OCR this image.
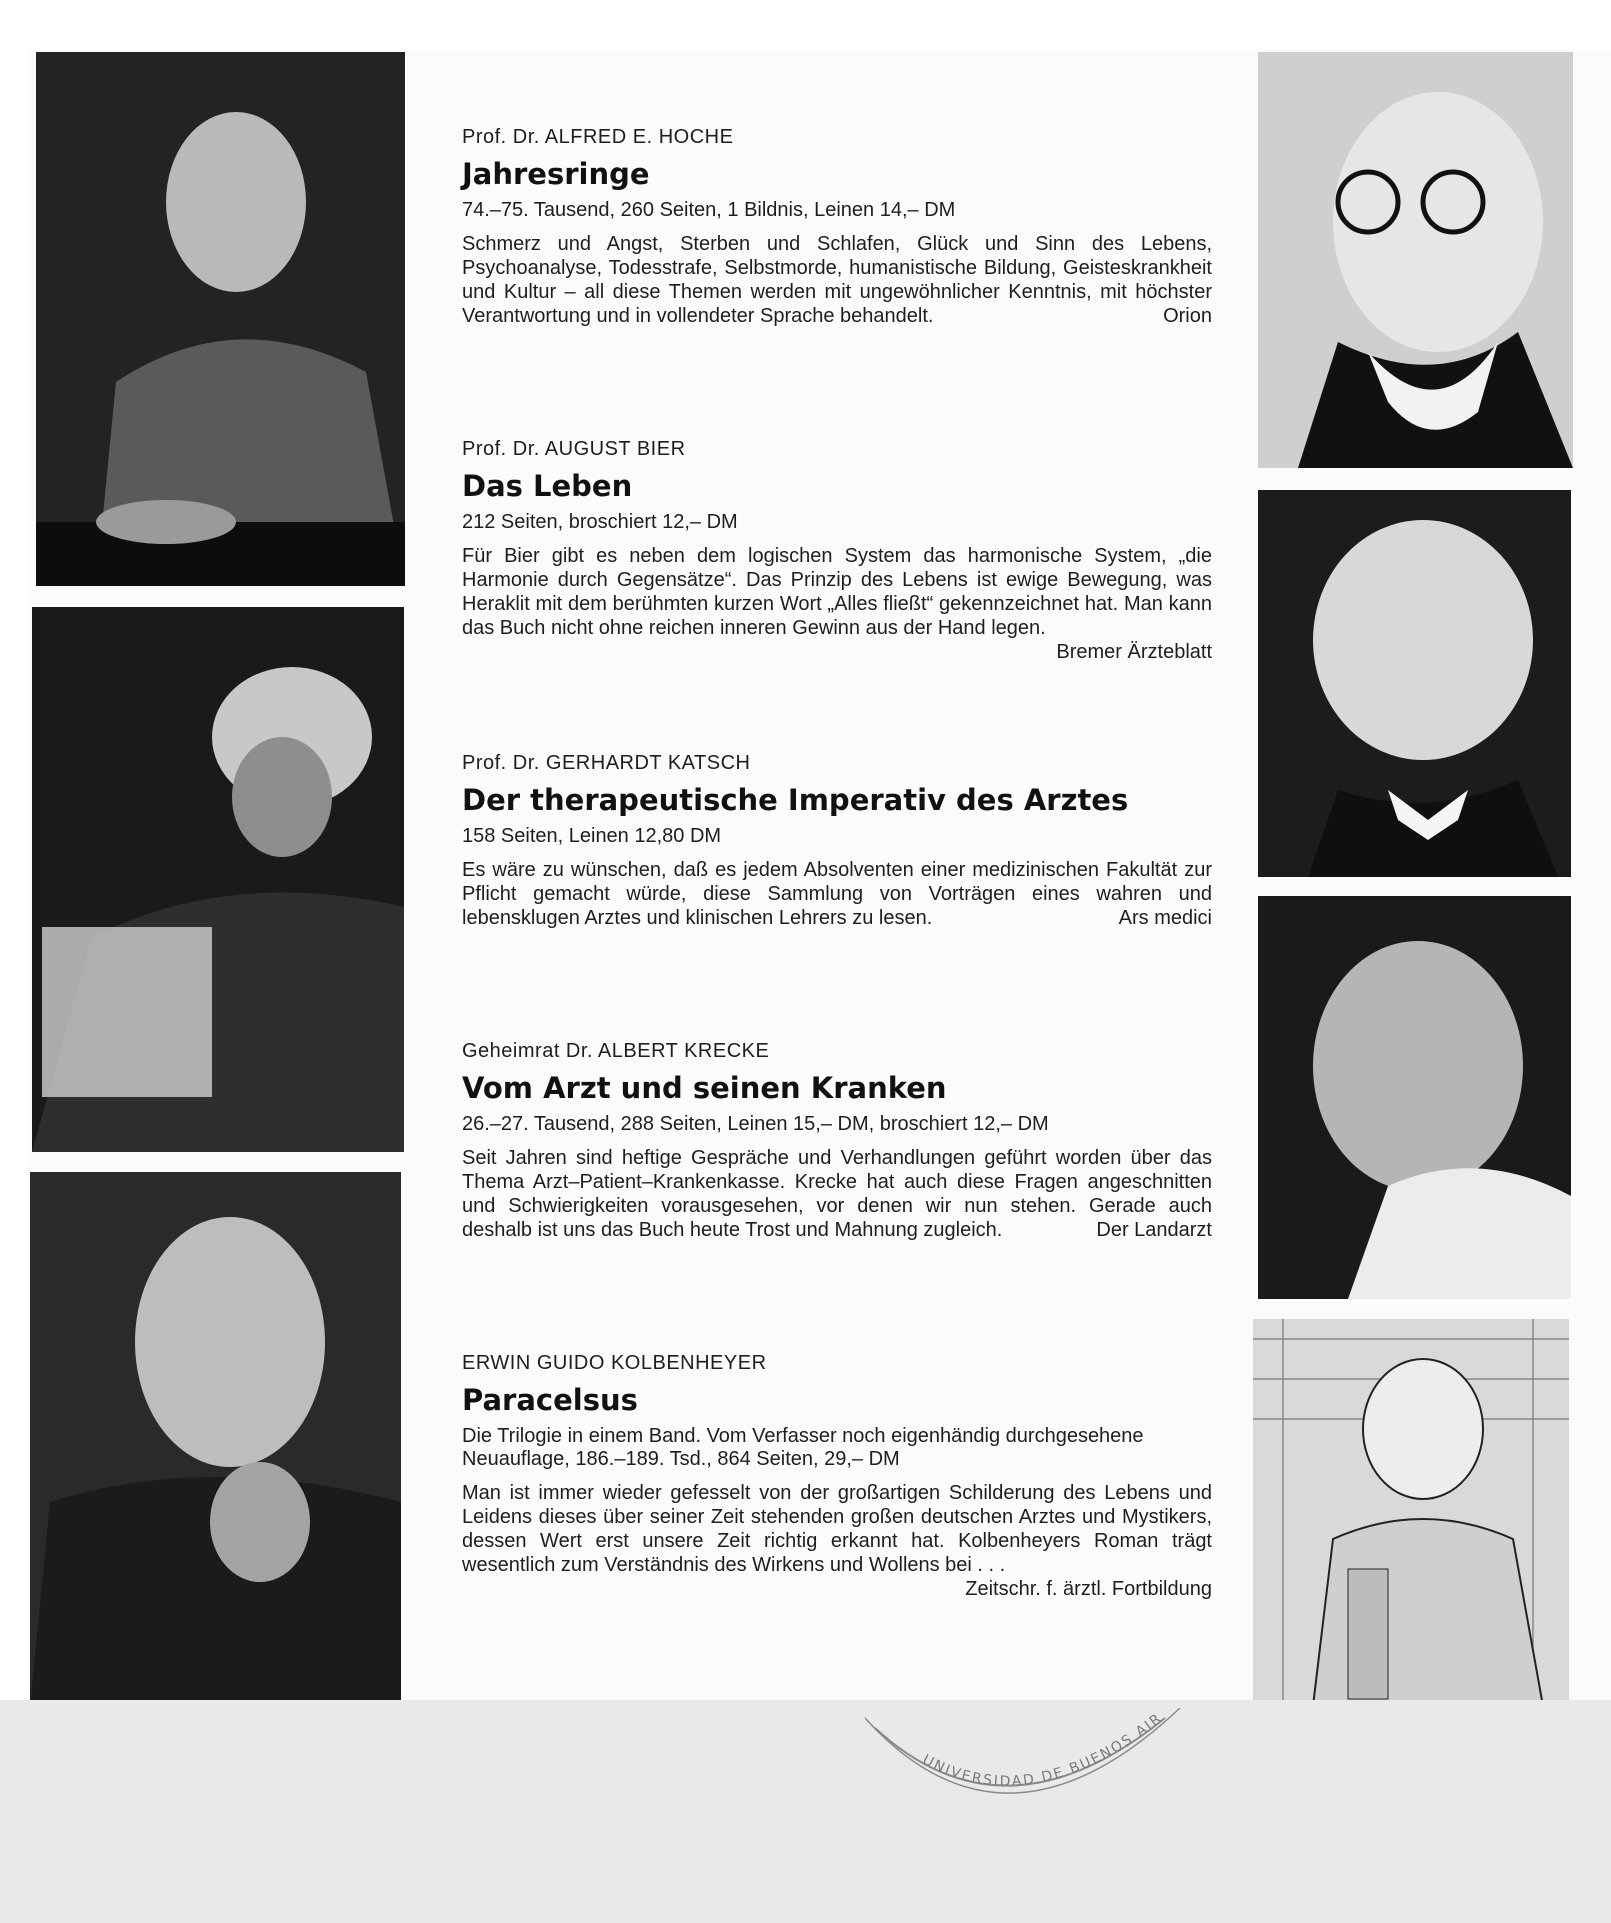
Prof. Dr. ALFRED E. HOCHE

Jahresringe

74.–75. Tausend, 260 Seiten, 1 Bildnis, Leinen 14,– DM

Schmerz und Angst, Sterben und Schlafen, Glück und Sinn des Lebens, Psychoanalyse, Todesstrafe, Selbstmorde, humanistische Bildung, Geisteskrankheit und Kultur – all diese Themen werden mit ungewöhnlicher Kenntnis, mit höchster Verantwortung und in vollendeter Sprache behandelt.	Orion

Prof. Dr. AUGUST BIER

Das Leben

212 Seiten, broschiert 12,– DM

Für Bier gibt es neben dem logischen System das harmonische System, „die Harmonie durch Gegensätze“. Das Prinzip des Lebens ist ewige Bewegung, was Heraklit mit dem berühmten kurzen Wort „Alles fließt“ gekennzeichnet hat. Man kann das Buch nicht ohne reichen inneren Gewinn aus der Hand legen.
Bremer Ärzteblatt

Prof. Dr. GERHARDT KATSCH

Der therapeutische Imperativ des Arztes

158 Seiten, Leinen 12,80 DM

Es wäre zu wünschen, daß es jedem Absolventen einer medizinischen Fakultät zur Pflicht gemacht würde, diese Sammlung von Vorträgen eines wahren und lebensklugen Arztes und klinischen Lehrers zu lesen.	Ars medici

Geheimrat Dr. ALBERT KRECKE

Vom Arzt und seinen Kranken

26.–27. Tausend, 288 Seiten, Leinen 15,– DM, broschiert 12,– DM

Seit Jahren sind heftige Gespräche und Verhandlungen geführt worden über das Thema Arzt–Patient–Krankenkasse. Krecke hat auch diese Fragen angeschnitten und Schwierigkeiten vorausgesehen, vor denen wir nun stehen. Gerade auch deshalb ist uns das Buch heute Trost und Mahnung zugleich.	Der Landarzt

ERWIN GUIDO KOLBENHEYER

Paracelsus

Die Trilogie in einem Band. Vom Verfasser noch eigenhändig durchgesehene Neuauflage, 186.–189. Tsd., 864 Seiten, 29,– DM

Man ist immer wieder gefesselt von der großartigen Schilderung des Lebens und Leidens dieses über seiner Zeit stehenden großen deutschen Arztes und Mystikers, dessen Wert erst unsere Zeit richtig erkannt hat. Kolbenheyers Roman trägt wesentlich zum Verständnis des Wirkens und Wollens bei . . .
Zeitschr. f. ärztl. Fortbildung

UNIVERSIDAD DE BUENOS AIR
